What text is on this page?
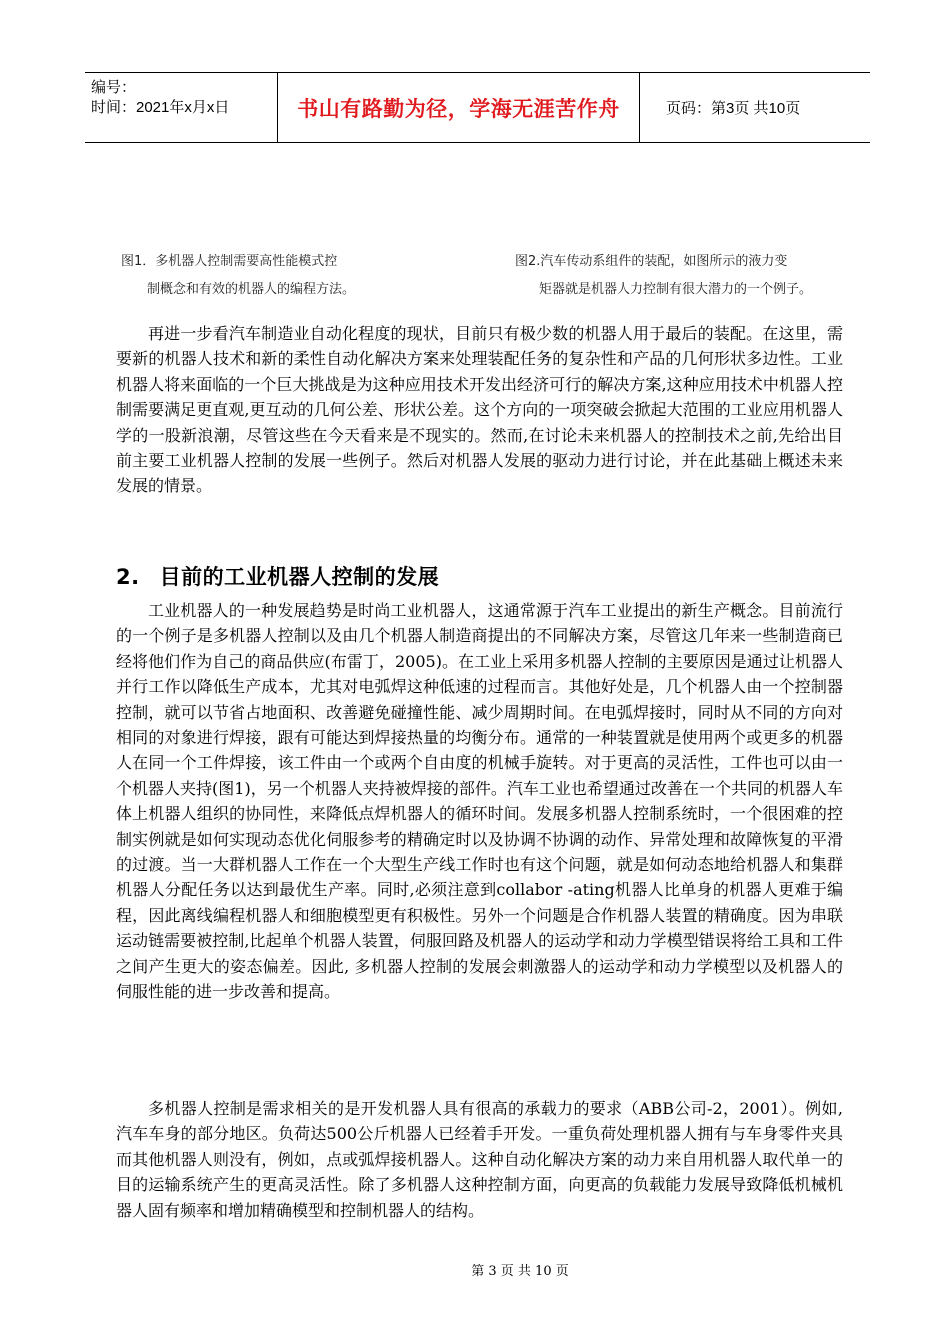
编号：
时间：2021年x月x日	书山有路勤为径，学海无涯苦作舟	页码：第3页 共10页
图1．多机器人控制需要高性能模式控
制概念和有效的机器人的编程方法。
图2.汽车传动系组件的装配，如图所示的液力变
矩器就是机器人力控制有很大潜力的一个例子。
再进一步看汽车制造业自动化程度的现状，目前只有极少数的机器人用于最后的装配。在这里，需要新的机器人技术和新的柔性自动化解决方案来处理装配任务的复杂性和产品的几何形状多边性。工业机器人将来面临的一个巨大挑战是为这种应用技术开发出经济可行的解决方案,这种应用技术中机器人控制需要满足更直观,更互动的几何公差、形状公差。这个方向的一项突破会掀起大范围的工业应用机器人学的一股新浪潮，尽管这些在今天看来是不现实的。然而,在讨论未来机器人的控制技术之前,先给出目前主要工业机器人控制的发展一些例子。然后对机器人发展的驱动力进行讨论，并在此基础上概述未来发展的情景。
2. 目前的工业机器人控制的发展
工业机器人的一种发展趋势是时尚工业机器人，这通常源于汽车工业提出的新生产概念。目前流行的一个例子是多机器人控制以及由几个机器人制造商提出的不同解决方案，尽管这几年来一些制造商已经将他们作为自己的商品供应(布雷丁，2005)。在工业上采用多机器人控制的主要原因是通过让机器人并行工作以降低生产成本，尤其对电弧焊这种低速的过程而言。其他好处是，几个机器人由一个控制器控制，就可以节省占地面积、改善避免碰撞性能、减少周期时间。在电弧焊接时，同时从不同的方向对相同的对象进行焊接，跟有可能达到焊接热量的均衡分布。通常的一种装置就是使用两个或更多的机器人在同一个工件焊接，该工件由一个或两个自由度的机械手旋转。对于更高的灵活性，工件也可以由一个机器人夹持(图1)，另一个机器人夹持被焊接的部件。汽车工业也希望通过改善在一个共同的机器人车体上机器人组织的协同性，来降低点焊机器人的循环时间。发展多机器人控制系统时，一个很困难的控制实例就是如何实现动态优化伺服参考的精确定时以及协调不协调的动作、异常处理和故障恢复的平滑的过渡。当一大群机器人工作在一个大型生产线工作时也有这个问题，就是如何动态地给机器人和集群机器人分配任务以达到最优生产率。同时,必须注意到collabor -ating机器人比单身的机器人更难于编程，因此离线编程机器人和细胞模型更有积极性。另外一个问题是合作机器人装置的精确度。因为串联运动链需要被控制,比起单个机器人装置，伺服回路及机器人的运动学和动力学模型错误将给工具和工件之间产生更大的姿态偏差。因此, 多机器人控制的发展会刺激器人的运动学和动力学模型以及机器人的伺服性能的进一步改善和提高。
多机器人控制是需求相关的是开发机器人具有很高的承载力的要求（ABB公司-2，2001）。例如,汽车车身的部分地区。负荷达500公斤机器人已经着手开发。一重负荷处理机器人拥有与车身零件夹具而其他机器人则没有，例如，点或弧焊接机器人。这种自动化解决方案的动力来自用机器人取代单一的目的运输系统产生的更高灵活性。除了多机器人这种控制方面，向更高的负载能力发展导致降低机械机器人固有频率和增加精确模型和控制机器人的结构。
第 3 页 共 10 页
